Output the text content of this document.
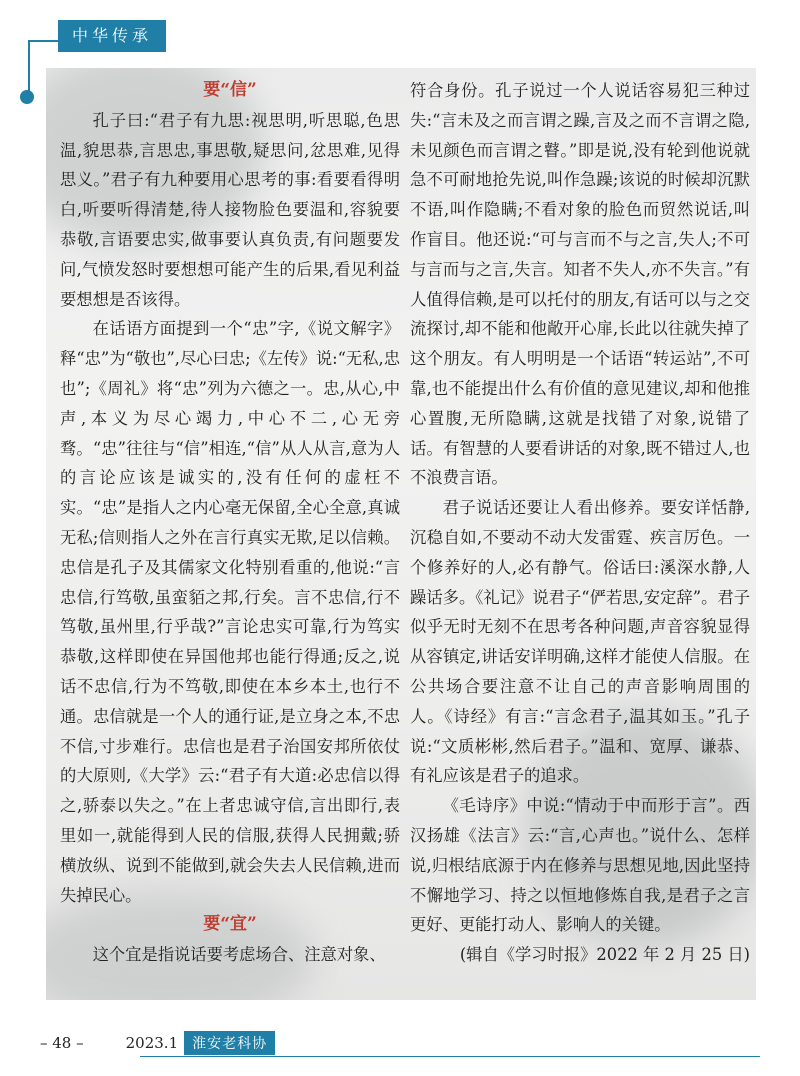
中华传承
要“信”

孔子曰:“君子有九思:视思明,听思聪,色思温,貌思恭,言思忠,事思敬,疑思问,忿思难,见得思义。”君子有九种要用心思考的事:看要看得明白,听要听得清楚,待人接物脸色要温和,容貌要恭敬,言语要忠实,做事要认真负责,有问题要发问,气愤发怒时要想想可能产生的后果,看见利益要想想是否该得。

在话语方面提到一个“忠”字,《说文解字》释“忠”为“敬也”,尽心曰忠;《左传》说:“无私,忠也”;《周礼》将“忠”列为六德之一。忠,从心,中声,本义为尽心竭力,中心不二,心无旁骛。“忠”往往与“信”相连,“信”从人从言,意为人的言论应该是诚实的,没有任何的虚枉不实。“忠”是指人之内心毫无保留,全心全意,真诚无私;信则指人之外在言行真实无欺,足以信赖。忠信是孔子及其儒家文化特别看重的,他说:“言忠信,行笃敬,虽蛮貊之邦,行矣。言不忠信,行不笃敬,虽州里,行乎哉?”言论忠实可靠,行为笃实恭敬,这样即使在异国他邦也能行得通;反之,说话不忠信,行为不笃敬,即使在本乡本土,也行不通。忠信就是一个人的通行证,是立身之本,不忠不信,寸步难行。忠信也是君子治国安邦所依仗的大原则,《大学》云:“君子有大道:必忠信以得之,骄泰以失之。”在上者忠诚守信,言出即行,表里如一,就能得到人民的信服,获得人民拥戴;骄横放纵、说到不能做到,就会失去人民信赖,进而失掉民心。

要“宜”

这个宜是指说话要考虑场合、注意对象、

符合身份。孔子说过一个人说话容易犯三种过失:“言未及之而言谓之躁,言及之而不言谓之隐,未见颜色而言谓之瞽。”即是说,没有轮到他说就急不可耐地抢先说,叫作急躁;该说的时候却沉默不语,叫作隐瞒;不看对象的脸色而贸然说话,叫作盲目。他还说:“可与言而不与之言,失人;不可与言而与之言,失言。知者不失人,亦不失言。”有人值得信赖,是可以托付的朋友,有话可以与之交流探讨,却不能和他敞开心扉,长此以往就失掉了这个朋友。有人明明是一个话语“转运站”,不可靠,也不能提出什么有价值的意见建议,却和他推心置腹,无所隐瞒,这就是找错了对象,说错了话。有智慧的人要看讲话的对象,既不错过人,也不浪费言语。

君子说话还要让人看出修养。要安详恬静,沉稳自如,不要动不动大发雷霆、疾言厉色。一个修养好的人,必有静气。俗话曰:溪深水静,人躁话多。《礼记》说君子“俨若思,安定辞”。君子似乎无时无刻不在思考各种问题,声音容貌显得从容镇定,讲话安详明确,这样才能使人信服。在公共场合要注意不让自己的声音影响周围的人。《诗经》有言:“言念君子,温其如玉。”孔子说:“文质彬彬,然后君子。”温和、宽厚、谦恭、有礼应该是君子的追求。

《毛诗序》中说:“情动于中而形于言”。西汉扬雄《法言》云:“言,心声也。”说什么、怎样说,归根结底源于内在修养与思想见地,因此坚持不懈地学习、持之以恒地修炼自我,是君子之言更好、更能打动人、影响人的关键。

(辑自《学习时报》2022 年 2 月 25 日)
– 48 –	2023.1	淮安老科协
